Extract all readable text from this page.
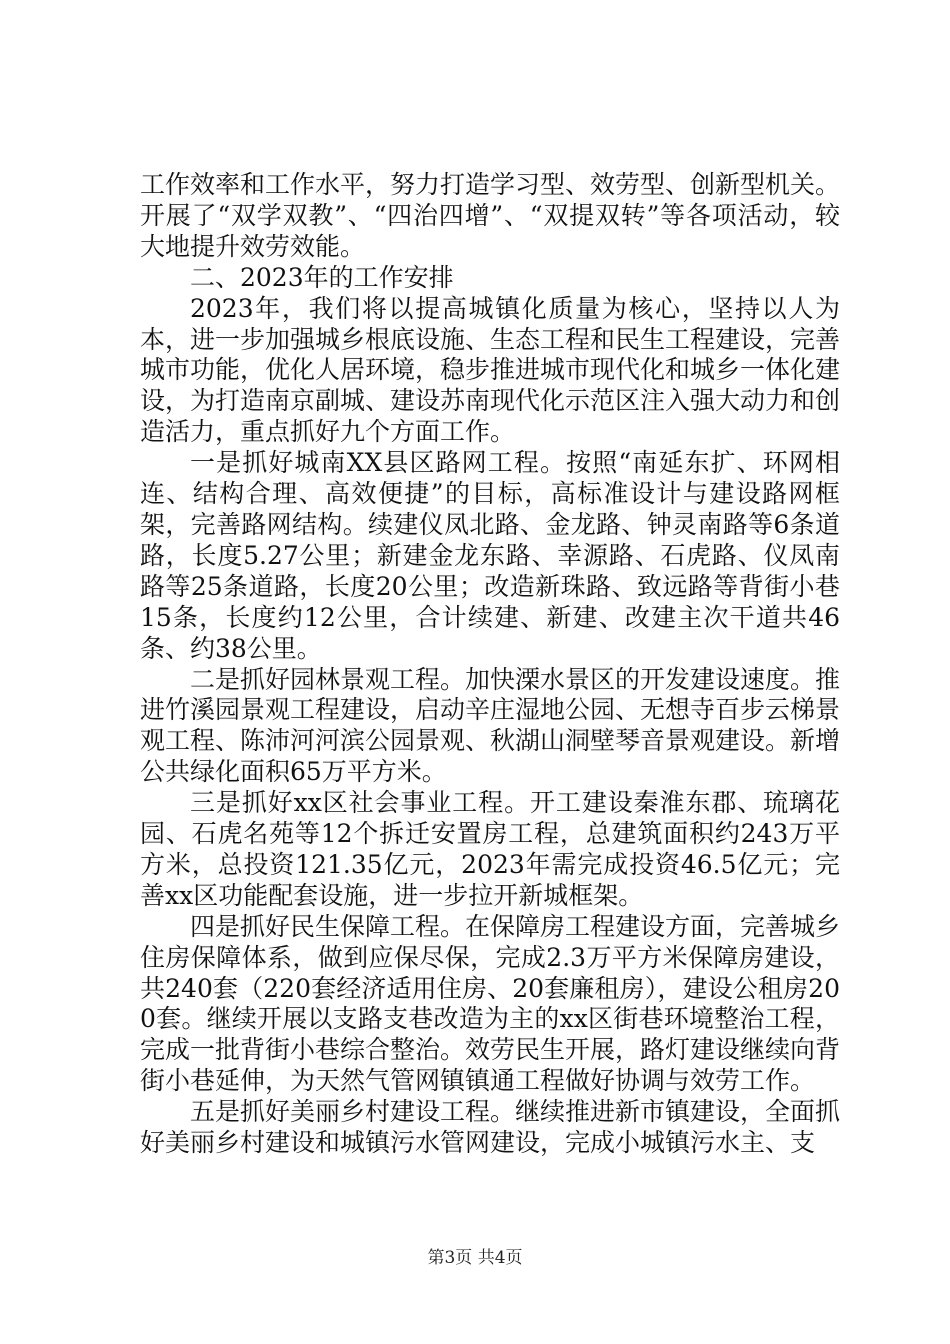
工作效率和工作水平，努力打造学习型、效劳型、创新型机关。开展了“双学双教”、“四治四增”、“双提双转”等各项活动，较大地提升效劳效能。

二、2023年的工作安排

2023年，我们将以提高城镇化质量为核心，坚持以人为本，进一步加强城乡根底设施、生态工程和民生工程建设，完善城市功能，优化人居环境，稳步推进城市现代化和城乡一体化建设，为打造南京副城、建设苏南现代化示范区注入强大动力和创造活力，重点抓好九个方面工作。

一是抓好城南XX县区路网工程。按照“南延东扩、环网相连、结构合理、高效便捷”的目标，高标准设计与建设路网框架，完善路网结构。续建仪凤北路、金龙路、钟灵南路等6条道路，长度5.27公里；新建金龙东路、幸源路、石虎路、仪凤南路等25条道路，长度20公里；改造新珠路、致远路等背街小巷15条，长度约12公里，合计续建、新建、改建主次干道共46条、约38公里。

二是抓好园林景观工程。加快溧水景区的开发建设速度。推进竹溪园景观工程建设，启动辛庄湿地公园、无想寺百步云梯景观工程、陈沛河河滨公园景观、秋湖山洞壁琴音景观建设。新增公共绿化面积65万平方米。

三是抓好xx区社会事业工程。开工建设秦淮东郡、琉璃花园、石虎名苑等12个拆迁安置房工程，总建筑面积约243万平方米，总投资121.35亿元，2023年需完成投资46.5亿元；完善xx区功能配套设施，进一步拉开新城框架。

四是抓好民生保障工程。在保障房工程建设方面，完善城乡住房保障体系，做到应保尽保，完成2.3万平方米保障房建设，共240套（220套经济适用住房、20套廉租房），建设公租房200套。继续开展以支路支巷改造为主的xx区街巷环境整治工程，完成一批背街小巷综合整治。效劳民生开展，路灯建设继续向背街小巷延伸，为天然气管网镇镇通工程做好协调与效劳工作。

五是抓好美丽乡村建设工程。继续推进新市镇建设，全面抓好美丽乡村建设和城镇污水管网建设，完成小城镇污水主、支

第3页 共4页
